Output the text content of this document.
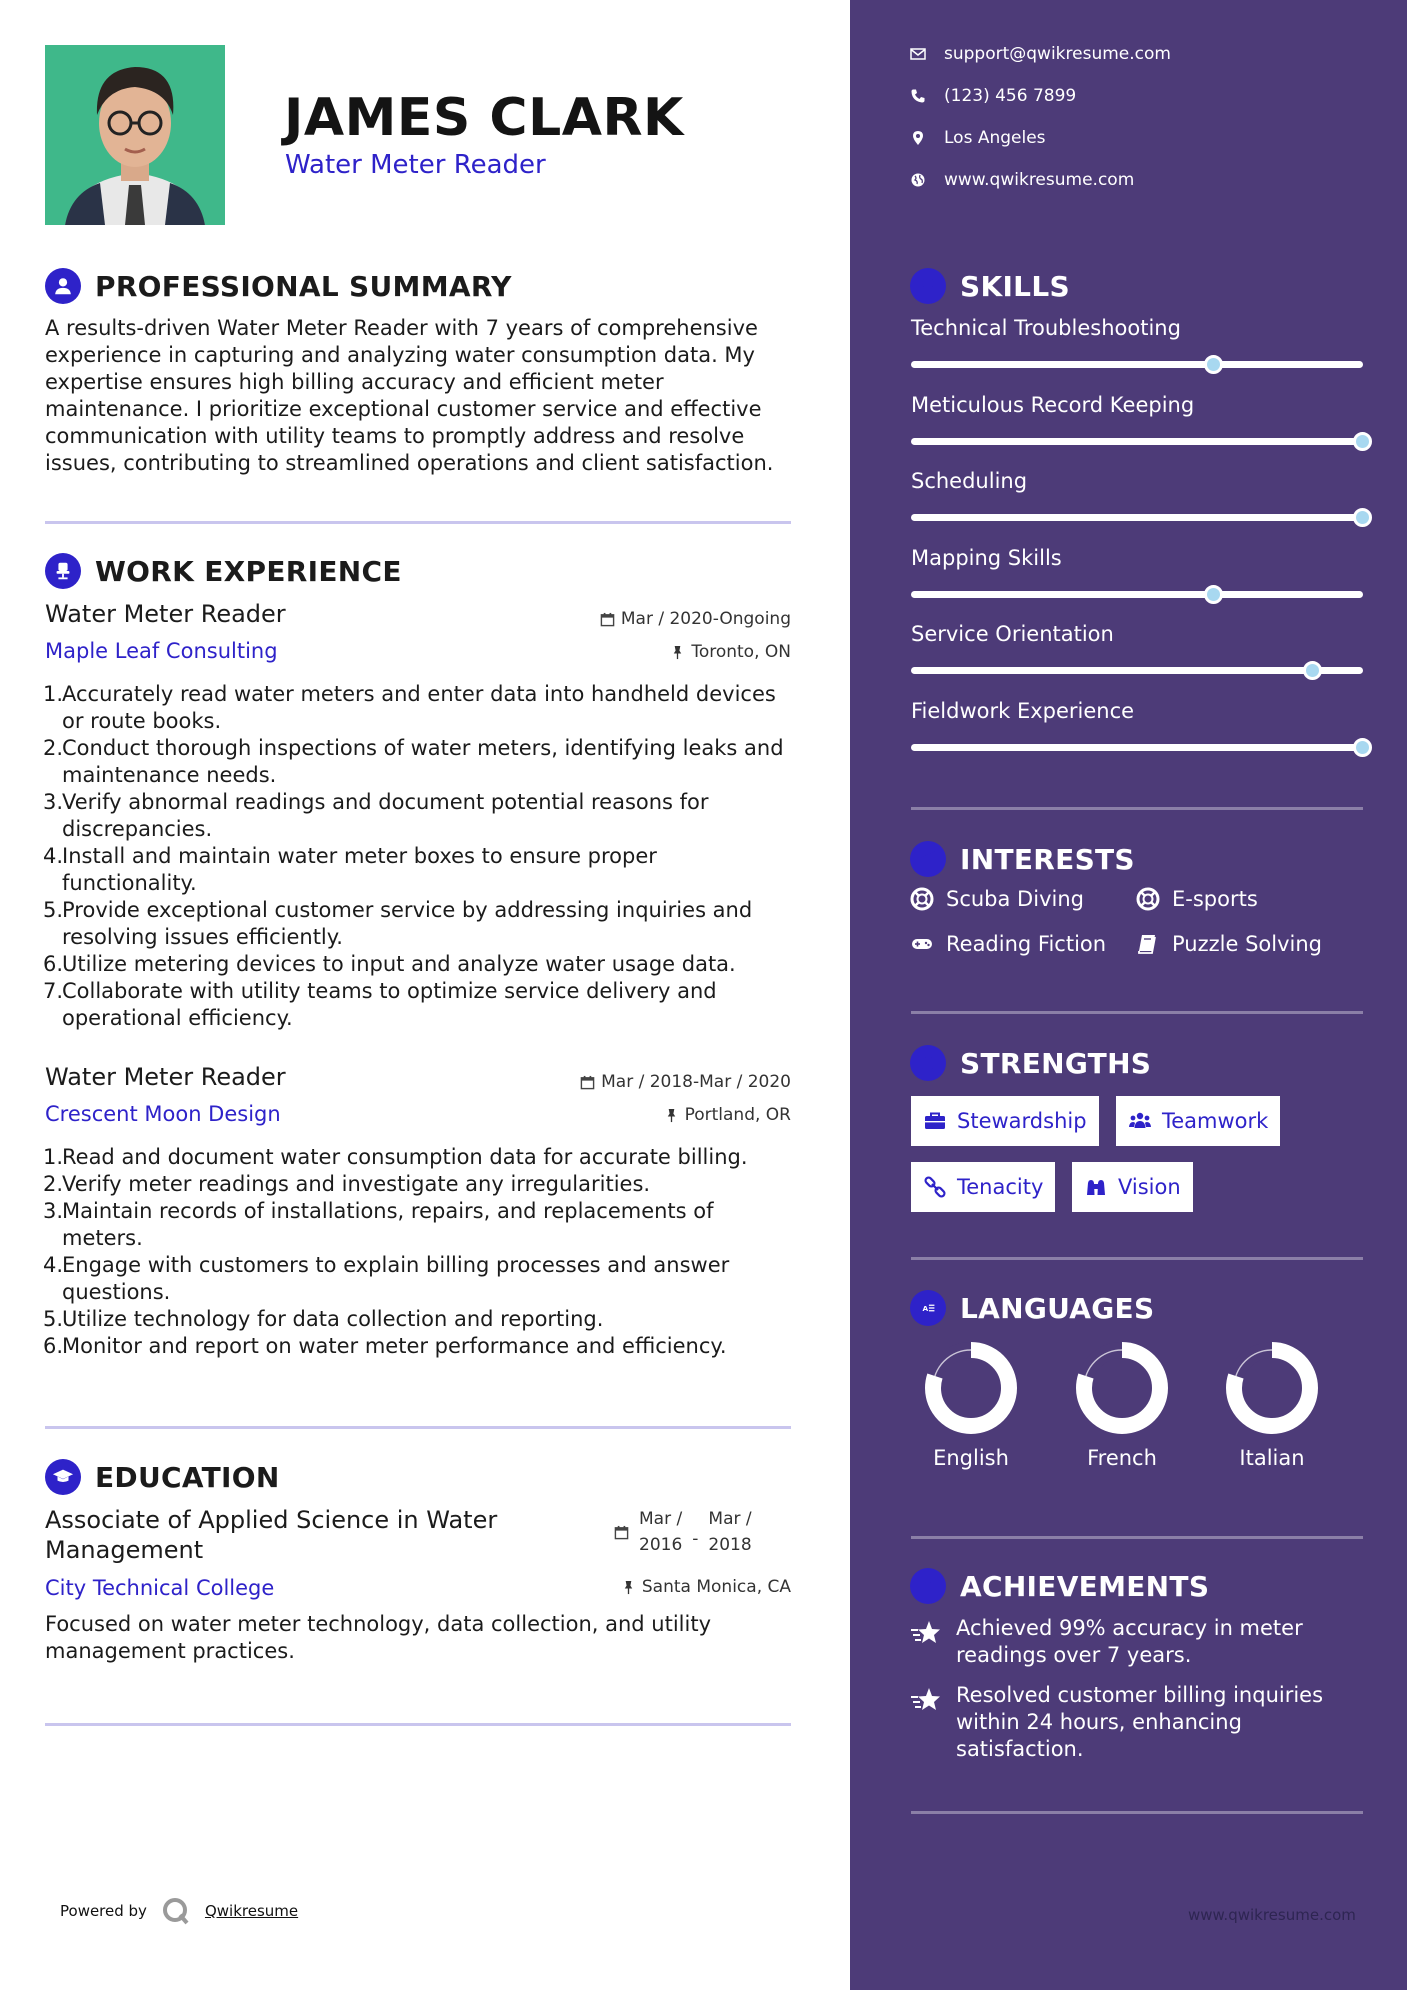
JAMES CLARK
Water Meter Reader
PROFESSIONAL SUMMARY
A results-driven Water Meter Reader with 7 years of comprehensive
experience in capturing and analyzing water consumption data. My
expertise ensures high billing accuracy and efficient meter
maintenance. I prioritize exceptional customer service and effective
communication with utility teams to promptly address and resolve
issues, contributing to streamlined operations and client satisfaction.
WORK EXPERIENCE
Water Meter Reader
Maple Leaf Consulting
Mar / 2020-Ongoing
Toronto, ON
1.
Accurately read water meters and enter data into handheld devices
or route books.
2.
Conduct thorough inspections of water meters, identifying leaks and
maintenance needs.
3.
Verify abnormal readings and document potential reasons for
discrepancies.
4.
Install and maintain water meter boxes to ensure proper
functionality.
5.
Provide exceptional customer service by addressing inquiries and
resolving issues efficiently.
6.
Utilize metering devices to input and analyze water usage data.
7.
Collaborate with utility teams to optimize service delivery and
operational efficiency.
Water Meter Reader
Crescent Moon Design
Mar / 2018-Mar / 2020
Portland, OR
1.
Read and document water consumption data for accurate billing.
2.
Verify meter readings and investigate any irregularities.
3.
Maintain records of installations, repairs, and replacements of
meters.
4.
Engage with customers to explain billing processes and answer
questions.
5.
Utilize technology for data collection and reporting.
6.
Monitor and report on water meter performance and efficiency.
EDUCATION
Associate of Applied Science in Water
Management
City Technical College
Mar /
2016 -
Mar /
2018
Santa Monica, CA
Focused on water meter technology, data collection, and utility
management practices.
Powered by	Qwikresume
support@qwikresume.com
(123) 456 7899
Los Angeles
www.qwikresume.com
SKILLS
Technical Troubleshooting
Meticulous Record Keeping
Scheduling
Mapping Skills
Service Orientation
Fieldwork Experience
INTERESTS
Scuba Diving	E-sports
Reading Fiction	Puzzle Solving
STRENGTHS
Stewardship	Teamwork
Tenacity	Vision
A LANGUAGES
English	French	Italian
ACHIEVEMENTS
Achieved 99% accuracy in meter
readings over 7 years.
Resolved customer billing inquiries
within 24 hours, enhancing
satisfaction.
www.qwikresume.com
